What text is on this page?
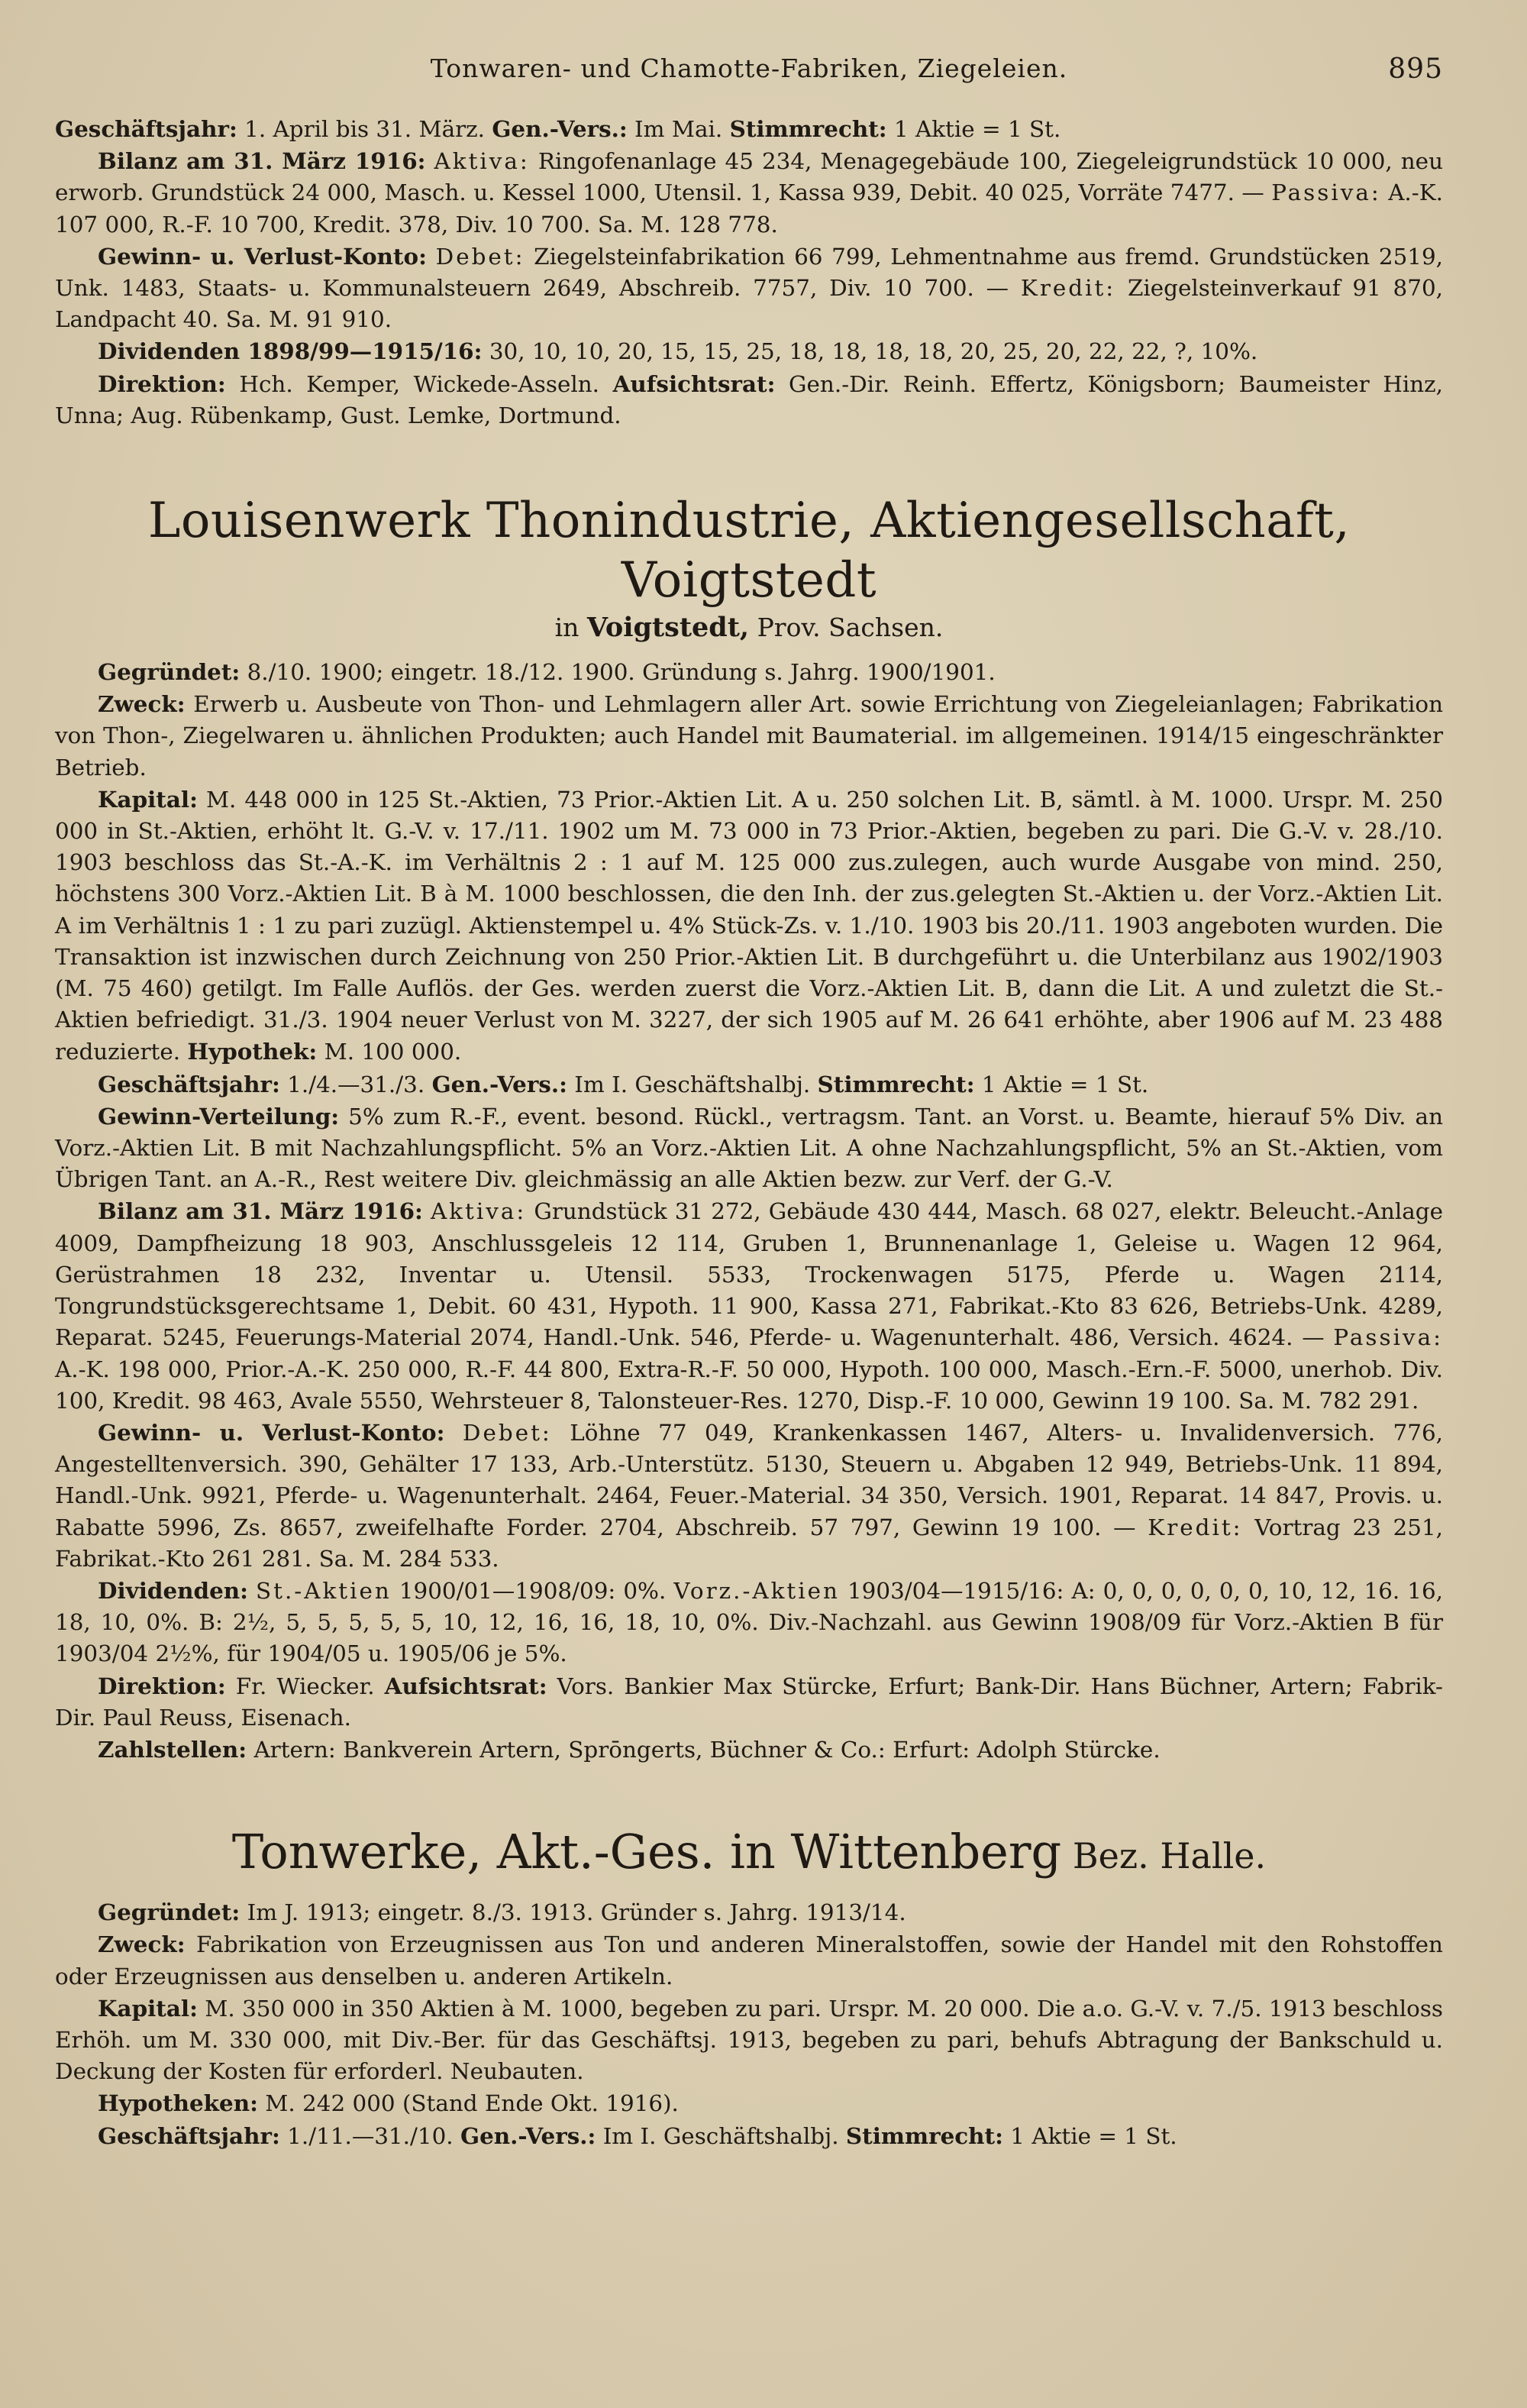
Tonwaren- und Chamotte-Fabriken, Ziegeleien.	895

Geschäftsjahr: 1. April bis 31. März. Gen.-Vers.: Im Mai. Stimmrecht: 1 Aktie = 1 St.

Bilanz am 31. März 1916: Aktiva: Ringofenanlage 45 234, Menagegebäude 100, Ziegeleigrundstück 10 000, neu erworb. Grundstück 24 000, Masch. u. Kessel 1000, Utensil. 1, Kassa 939, Debit. 40 025, Vorräte 7477. — Passiva: A.-K. 107 000, R.-F. 10 700, Kredit. 378, Div. 10 700. Sa. M. 128 778.

Gewinn- u. Verlust-Konto: Debet: Ziegelsteinfabrikation 66 799, Lehmentnahme aus fremd. Grundstücken 2519, Unk. 1483, Staats- u. Kommunalsteuern 2649, Abschreib. 7757, Div. 10 700. — Kredit: Ziegelsteinverkauf 91 870, Landpacht 40. Sa. M. 91 910.

Dividenden 1898/99—1915/16: 30, 10, 10, 20, 15, 15, 25, 18, 18, 18, 18, 20, 25, 20, 22, 22, ?, 10%.

Direktion: Hch. Kemper, Wickede-Asseln. Aufsichtsrat: Gen.-Dir. Reinh. Effertz, Königsborn; Baumeister Hinz, Unna; Aug. Rübenkamp, Gust. Lemke, Dortmund.

Louisenwerk Thonindustrie, Aktiengesellschaft, Voigtstedt
in Voigtstedt, Prov. Sachsen.

Gegründet: 8./10. 1900; eingetr. 18./12. 1900. Gründung s. Jahrg. 1900/1901.

Zweck: Erwerb u. Ausbeute von Thon- und Lehmlagern aller Art. sowie Errichtung von Ziegeleianlagen; Fabrikation von Thon-, Ziegelwaren u. ähnlichen Produkten; auch Handel mit Baumaterial. im allgemeinen. 1914/15 eingeschränkter Betrieb.

Kapital: M. 448 000 in 125 St.-Aktien, 73 Prior.-Aktien Lit. A u. 250 solchen Lit. B, sämtl. à M. 1000. Urspr. M. 250 000 in St.-Aktien, erhöht lt. G.-V. v. 17./11. 1902 um M. 73 000 in 73 Prior.-Aktien, begeben zu pari. Die G.-V. v. 28./10. 1903 beschloss das St.-A.-K. im Verhältnis 2 : 1 auf M. 125 000 zus.zulegen, auch wurde Ausgabe von mind. 250, höchstens 300 Vorz.-Aktien Lit. B à M. 1000 beschlossen, die den Inh. der zus.gelegten St.-Aktien u. der Vorz.-Aktien Lit. A im Verhältnis 1 : 1 zu pari zuzügl. Aktienstempel u. 4% Stück-Zs. v. 1./10. 1903 bis 20./11. 1903 angeboten wurden. Die Transaktion ist inzwischen durch Zeichnung von 250 Prior.-Aktien Lit. B durchgeführt u. die Unterbilanz aus 1902/1903 (M. 75 460) getilgt. Im Falle Auflös. der Ges. werden zuerst die Vorz.-Aktien Lit. B, dann die Lit. A und zuletzt die St.-Aktien befriedigt. 31./3. 1904 neuer Verlust von M. 3227, der sich 1905 auf M. 26 641 erhöhte, aber 1906 auf M. 23 488 reduzierte. Hypothek: M. 100 000.

Geschäftsjahr: 1./4.—31./3. Gen.-Vers.: Im I. Geschäftshalbj. Stimmrecht: 1 Aktie = 1 St.

Gewinn-Verteilung: 5% zum R.-F., event. besond. Rückl., vertragsm. Tant. an Vorst. u. Beamte, hierauf 5% Div. an Vorz.-Aktien Lit. B mit Nachzahlungspflicht. 5% an Vorz.-Aktien Lit. A ohne Nachzahlungspflicht, 5% an St.-Aktien, vom Übrigen Tant. an A.-R., Rest weitere Div. gleichmässig an alle Aktien bezw. zur Verf. der G.-V.

Bilanz am 31. März 1916: Aktiva: Grundstück 31 272, Gebäude 430 444, Masch. 68 027, elektr. Beleucht.-Anlage 4009, Dampfheizung 18 903, Anschlussgeleis 12 114, Gruben 1, Brunnenanlage 1, Geleise u. Wagen 12 964, Gerüstrahmen 18 232, Inventar u. Utensil. 5533, Trockenwagen 5175, Pferde u. Wagen 2114, Tongrundstücksgerechtsame 1, Debit. 60 431, Hypoth. 11 900, Kassa 271, Fabrikat.-Kto 83 626, Betriebs-Unk. 4289, Reparat. 5245, Feuerungs-Material 2074, Handl.-Unk. 546, Pferde- u. Wagenunterhalt. 486, Versich. 4624. — Passiva: A.-K. 198 000, Prior.-A.-K. 250 000, R.-F. 44 800, Extra-R.-F. 50 000, Hypoth. 100 000, Masch.-Ern.-F. 5000, unerhob. Div. 100, Kredit. 98 463, Avale 5550, Wehrsteuer 8, Talonsteuer-Res. 1270, Disp.-F. 10 000, Gewinn 19 100. Sa. M. 782 291.

Gewinn- u. Verlust-Konto: Debet: Löhne 77 049, Krankenkassen 1467, Alters- u. Invalidenversich. 776, Angestelltenversich. 390, Gehälter 17 133, Arb.-Unterstütz. 5130, Steuern u. Abgaben 12 949, Betriebs-Unk. 11 894, Handl.-Unk. 9921, Pferde- u. Wagenunterhalt. 2464, Feuer.-Material. 34 350, Versich. 1901, Reparat. 14 847, Provis. u. Rabatte 5996, Zs. 8657, zweifelhafte Forder. 2704, Abschreib. 57 797, Gewinn 19 100. — Kredit: Vortrag 23 251, Fabrikat.-Kto 261 281. Sa. M. 284 533.

Dividenden: St.-Aktien 1900/01—1908/09: 0%. Vorz.-Aktien 1903/04—1915/16: A: 0, 0, 0, 0, 0, 0, 10, 12, 16. 16, 18, 10, 0%. B: 2½, 5, 5, 5, 5, 5, 10, 12, 16, 16, 18, 10, 0%. Div.-Nachzahl. aus Gewinn 1908/09 für Vorz.-Aktien B für 1903/04 2½%, für 1904/05 u. 1905/06 je 5%.

Direktion: Fr. Wiecker. Aufsichtsrat: Vors. Bankier Max Stürcke, Erfurt; Bank-Dir. Hans Büchner, Artern; Fabrik-Dir. Paul Reuss, Eisenach.

Zahlstellen: Artern: Bankverein Artern, Sprōngerts, Büchner & Co.: Erfurt: Adolph Stürcke.

Tonwerke, Akt.-Ges. in Wittenberg Bez. Halle.

Gegründet: Im J. 1913; eingetr. 8./3. 1913. Gründer s. Jahrg. 1913/14.

Zweck: Fabrikation von Erzeugnissen aus Ton und anderen Mineralstoffen, sowie der Handel mit den Rohstoffen oder Erzeugnissen aus denselben u. anderen Artikeln.

Kapital: M. 350 000 in 350 Aktien à M. 1000, begeben zu pari. Urspr. M. 20 000. Die a.o. G.-V. v. 7./5. 1913 beschloss Erhöh. um M. 330 000, mit Div.-Ber. für das Geschäftsj. 1913, begeben zu pari, behufs Abtragung der Bankschuld u. Deckung der Kosten für erforderl. Neubauten.

Hypotheken: M. 242 000 (Stand Ende Okt. 1916).

Geschäftsjahr: 1./11.—31./10. Gen.-Vers.: Im I. Geschäftshalbj. Stimmrecht: 1 Aktie = 1 St.
